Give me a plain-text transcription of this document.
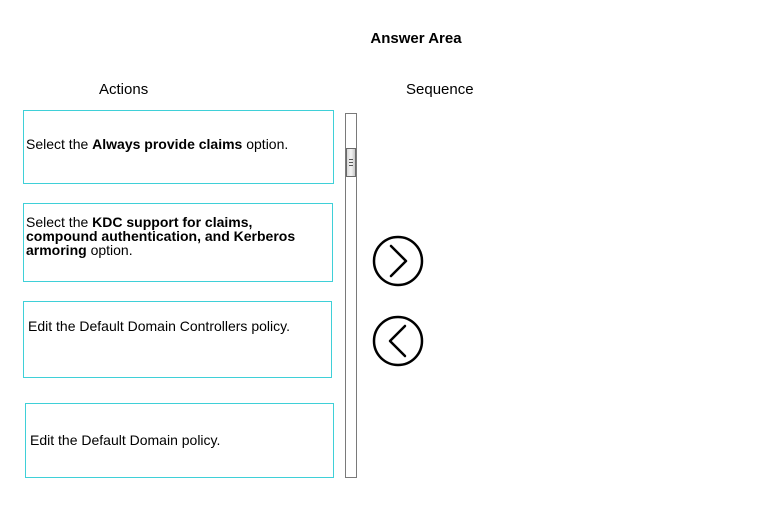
Answer Area
Actions	Sequence
Select the Always provide claims option.
Select the KDC support for claims, compound authentication, and Kerberos armoring option.
Edit the Default Domain Controllers policy.
Edit the Default Domain policy.
